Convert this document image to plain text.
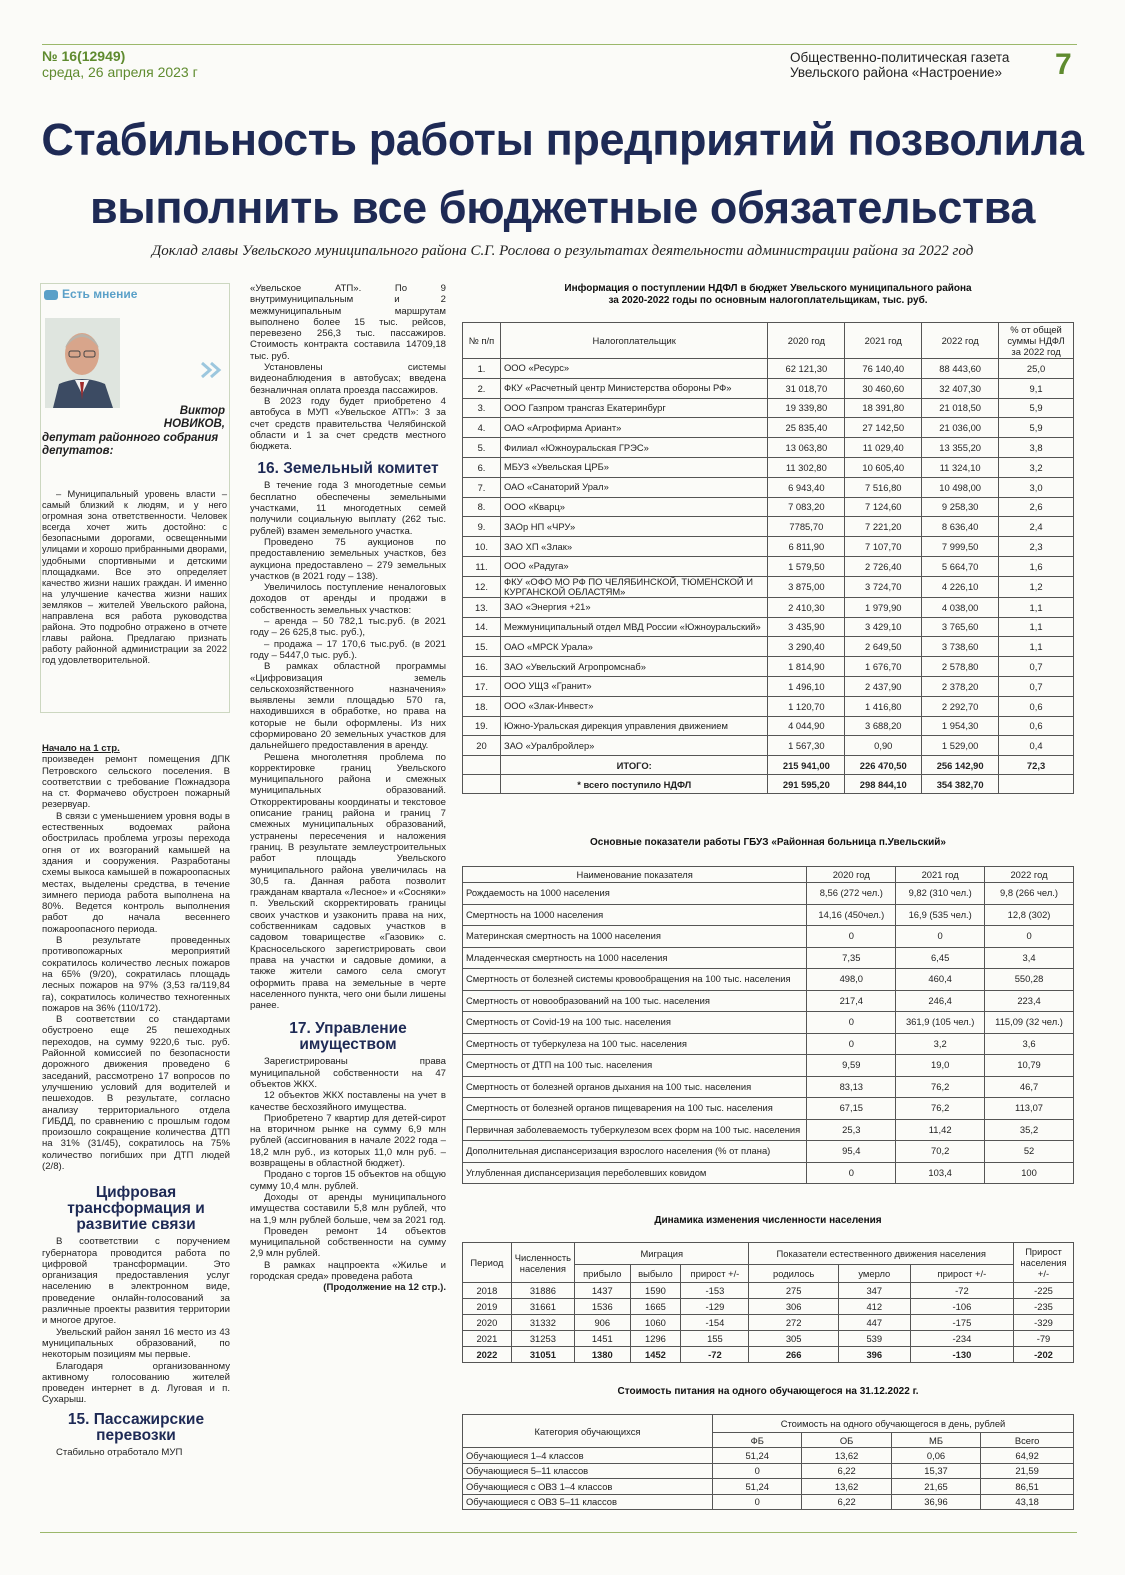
№ 16(12949)
среда, 26 апреля 2023 г
Общественно-политическая газета
Увельского района «Настроение»	7
Стабильность работы предприятий позволила
выполнить все бюджетные обязательства
Доклад главы Увельского муниципального района С.Г. Рослова о результатах деятельности администрации района за 2022 год
Есть мнение
Виктор
НОВИКОВ,
депутат районного собрания депутатов:

– Муниципальный уровень власти – самый близкий к людям, и у него огромная зона ответственности. Человек всегда хочет жить достойно: с безопасными дорогами, освещенными улицами и хорошо прибранными дворами, удобными спортивными и детскими площадками. Все это определяет качество жизни наших граждан. И именно на улучшение качества жизни наших земляков – жителей Увельского района, направлена вся работа руководства района. Это подробно отражено в отчете главы района. Предлагаю признать работу районной администрации за 2022 год удовлетворительной.

Начало на 1 стр.

произведен ремонт помещения ДПК Петровского сельского поселения. В соответствии с требование Пожнадзора на ст. Формачево обустроен пожарный резервуар.

В связи с уменьшением уровня воды в естественных водоемах района обострилась проблема угрозы перехода огня от их возгораний камышей на здания и сооружения. Разработаны схемы выкоса камышей в пожароопасных местах, выделены средства, в течение зимнего периода работа выполнена на 80%. Ведется контроль выполнения работ до начала весеннего пожароопасного периода.

В результате проведенных противопожарных мероприятий сократилось количество лесных пожаров на 65% (9/20), сократилась площадь лесных пожаров на 97% (3,53 га/119,84 га), сократилось количество техногенных пожаров на 36% (110/172).

В соответствии со стандартами обустроено еще 25 пешеходных переходов, на сумму 9220,6 тыс. руб. Районной комиссией по безопасности дорожного движения проведено 6 заседаний, рассмотрено 17 вопросов по улучшению условий для водителей и пешеходов. В результате, согласно анализу территориального отдела ГИБДД, по сравнению с прошлым годом произошло сокращение количества ДТП на 31% (31/45), сократилось на 75% количество погибших при ДТП людей (2/8).

Цифровая трансформация и развитие связи

В соответствии с поручением губернатора проводится работа по цифровой трансформации. Это организация предоставления услуг населению в электронном виде, проведение онлайн-голосований за различные проекты развития территории и многое другое.

Увельский район занял 16 место из 43 муниципальных образований, по некоторым позициям мы первые.

Благодаря организованному активному голосованию жителей проведен интернет в д. Луговая и п. Сухарыш.

15. Пассажирские перевозки

Стабильно отработало МУП

«Увельское АТП». По 9 внутримуниципальным и 2 межмуниципальным маршрутам выполнено более 15 тыс. рейсов, перевезено 256,3 тыс. пассажиров. Стоимость контракта составила 14709,18 тыс. руб.

Установлены системы видеонаблюдения в автобусах; введена безналичная оплата проезда пассажиров.

В 2023 году будет приобретено 4 автобуса в МУП «Увельское АТП»: 3 за счет средств правительства Челябинской области и 1 за счет средств местного бюджета.

16. Земельный комитет

В течение года 3 многодетные семьи бесплатно обеспечены земельными участками, 11 многодетных семей получили социальную выплату (262 тыс. рублей) взамен земельного участка.

Проведено 75 аукционов по предоставлению земельных участков, без аукциона предоставлено – 279 земельных участков (в 2021 году – 138).

Увеличилось поступление неналоговых доходов от аренды и продажи в собственность земельных участков:

– аренда – 50 782,1 тыс.руб. (в 2021 году – 26 625,8 тыс. руб.),

– продажа – 17 170,6 тыс.руб. (в 2021 году – 5447,0 тыс. руб.).

В рамках областной программы «Цифровизация земель сельскохозяйственного назначения» выявлены земли площадью 570 га, находившихся в обработке, но права на которые не были оформлены. Из них сформировано 20 земельных участков для дальнейшего предоставления в аренду.

Решена многолетняя проблема по корректировке границ Увельского муниципального района и смежных муниципальных образований. Откорректированы координаты и текстовое описание границ района и границ 7 смежных муниципальных образований, устранены пересечения и наложения границ. В результате землеустроительных работ площадь Увельского муниципального района увеличилась на 30,5 га. Данная работа позволит гражданам квартала «Лесное» и «Сосняки» п. Увельский скорректировать границы своих участков и узаконить права на них, собственникам садовых участков в садовом товариществе «Газовик» с. Красносельского зарегистрировать свои права на участки и садовые домики, а также жители самого села смогут оформить права на земельные в черте населенного пункта, чего они были лишены ранее.

17. Управление имуществом

Зарегистрированы права муниципальной собственности на 47 объектов ЖКХ.

12 объектов ЖКХ поставлены на учет в качестве бесхозяйного имущества.

Приобретено 7 квартир для детей-сирот на вторичном рынке на сумму 6,9 млн рублей (ассигнования в начале 2022 года – 18,2 млн руб., из которых 11,0 млн руб. – возвращены в областной бюджет).

Продано с торгов 15 объектов на общую сумму 10,4 млн. рублей.

Доходы от аренды муниципального имущества составили 5,8 млн рублей, что на 1,9 млн рублей больше, чем за 2021 год.

Проведен ремонт 14 объектов муниципальной собственности на сумму 2,9 млн рублей.

В рамках нацпроекта «Жилье и городская среда» проведена работа

(Продолжение на 12 стр.).
Информация о поступлении НДФЛ в бюджет Увельского муниципального района
за 2020-2022 годы по основным налогоплательщикам, тыс. руб.
№ п/п	Налогоплательщик	2020 год	2021 год	2022 год	% от общей суммы НДФЛ за 2022 год
1.	ООО «Ресурс»	62 121,30	76 140,40	88 443,60	25,0
2.	ФКУ «Расчетный центр Министерства обороны РФ»	31 018,70	30 460,60	32 407,30	9,1
3.	ООО Газпром трансгаз Екатеринбург	19 339,80	18 391,80	21 018,50	5,9
4.	ОАО «Агрофирма Ариант»	25 835,40	27 142,50	21 036,00	5,9
5.	Филиал «Южноуральская ГРЭС»	13 063,80	11 029,40	13 355,20	3,8
6.	МБУЗ «Увельская ЦРБ»	11 302,80	10 605,40	11 324,10	3,2
7.	ОАО «Санаторий Урал»	6 943,40	7 516,80	10 498,00	3,0
8.	ООО «Кварц»	7 083,20	7 124,60	9 258,30	2,6
9.	ЗАОр НП «ЧРУ»	7785,70	7 221,20	8 636,40	2,4
10.	ЗАО ХП «Злак»	6 811,90	7 107,70	7 999,50	2,3
11.	ООО «Радуга»	1 579,50	2 726,40	5 664,70	1,6
12.	ФКУ «ОФО МО РФ ПО ЧЕЛЯБИНСКОЙ, ТЮМЕНСКОЙ И КУРГАНСКОЙ ОБЛАСТЯМ»	3 875,00	3 724,70	4 226,10	1,2
13.	ЗАО «Энергия +21»	2 410,30	1 979,90	4 038,00	1,1
14.	Межмуниципальный отдел МВД России «Южноуральский»	3 435,90	3 429,10	3 765,60	1,1
15.	ОАО «МРСК Урала»	3 290,40	2 649,50	3 738,60	1,1
16.	ЗАО «Увельский Агропромснаб»	1 814,90	1 676,70	2 578,80	0,7
17.	ООО УЩЗ «Гранит»	1 496,10	2 437,90	2 378,20	0,7
18.	ООО «Злак-Инвест»	1 120,70	1 416,80	2 292,70	0,6
19.	Южно-Уральская дирекция управления движением	4 044,90	3 688,20	1 954,30	0,6
20	ЗАО «Уралбройлер»	1 567,30	0,90	1 529,00	0,4
	ИТОГО:	215 941,00	226 470,50	256 142,90	72,3
	* всего поступило НДФЛ	291 595,20	298 844,10	354 382,70	
Основные показатели работы ГБУЗ «Районная больница п.Увельский»
Наименование показателя	2020 год	2021 год	2022 год
Рождаемость на 1000 населения	8,56 (272 чел.)	9,82 (310 чел.)	9,8 (266 чел.)
Смертность на 1000 населения	14,16 (450чел.)	16,9 (535 чел.)	12,8 (302)
Материнская смертность на 1000 населения	0	0	0
Младенческая смертность на 1000 населения	7,35	6,45	3,4
Смертность от болезней системы кровообращения на 100 тыс. населения	498,0	460,4	550,28
Смертность от новообразований на 100 тыс. населения	217,4	246,4	223,4
Смертность от Covid-19 на 100 тыс. населения	0	361,9 (105 чел.)	115,09 (32 чел.)
Смертность от туберкулеза на 100 тыс. населения	0	3,2	3,6
Смертность от ДТП на 100 тыс. населения	9,59	19,0	10,79
Смертность от болезней органов дыхания на 100 тыс. населения	83,13	76,2	46,7
Смертность от болезней органов пищеварения на 100 тыс. населения	67,15	76,2	113,07
Первичная заболеваемость туберкулезом всех форм на 100 тыс. населения	25,3	11,42	35,2
Дополнительная диспансеризация взрослого населения (% от плана)	95,4	70,2	52
Углубленная диспансеризация переболевших ковидом	0	103,4	100
Динамика изменения численности населения
Период	Численность населения	Миграция			Показатели естественного движения населения			Прирост населения +/-
		прибыло	выбыло	прирост +/-	родилось	умерло	прирост +/-	
2018	31886	1437	1590	-153	275	347	-72	-225
2019	31661	1536	1665	-129	306	412	-106	-235
2020	31332	906	1060	-154	272	447	-175	-329
2021	31253	1451	1296	155	305	539	-234	-79
2022	31051	1380	1452	-72	266	396	-130	-202
Стоимость питания на одного обучающегося на 31.12.2022 г.
Категория обучающихся	Стоимость на одного обучающегося в день, рублей			
	ФБ	ОБ	МБ	Всего
Обучающиеся 1–4 классов	51,24	13,62	0,06	64,92
Обучающиеся 5–11 классов	0	6,22	15,37	21,59
Обучающиеся с ОВЗ 1–4 классов	51,24	13,62	21,65	86,51
Обучающиеся с ОВЗ 5–11 классов	0	6,22	36,96	43,18
